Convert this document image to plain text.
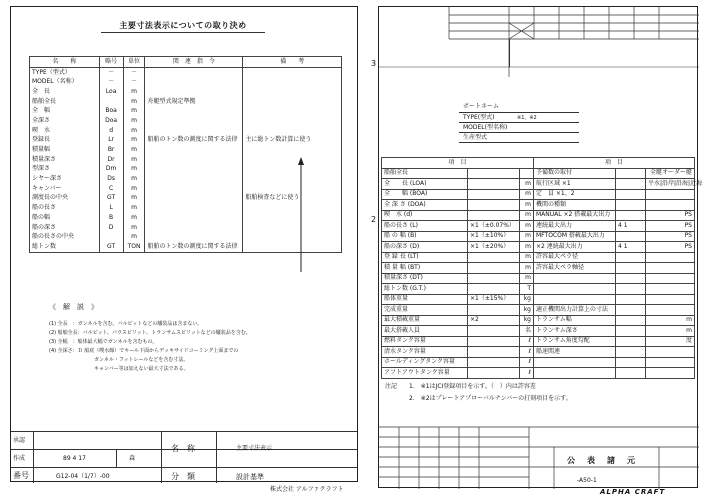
主要寸法表示についての取り決め
名　　称	略号	単位	関　連　指　令	備　　考
TYPE（型式）	－	－		
MODEL（名称）	－	－		
全　長	Loa	m		
船舶全長		m	舟艇型式規定準拠	
全　幅	Boa	m		
全深さ	Doa	m		
喫　水	d	m		
登録長	Lr	m	船舶のトン数の測度に関する法律	主に総トン数計算に使う
積量幅	Br	m		
積量深さ	Dr	m		
型深さ	Dm	m		
シヤー深さ	Ds	m		
キャンバー	C	m		
測度長の中央	GT	m		船舶検査などに使う
船の長さ	L	m		
船の幅	B	m		
船の深さ	D	m		
船の長さの中央		m		
総トン数	GT	TON	船舶のトン数の測度に関する法律	
《　解　説　》
(1) 全長　：ガンネルを含む。バルピットなどの艤装品は含まない。
(2) 船舶全長：バルピット、バウスピリット、トランサムスピリットなどの艤装品を含む。
(3) 全幅　：船体最大幅でガンネルを含むもの。
(4) 全深さ：Ｄ 船底（喫水線）でキール下面からデッキサイドコーミング上面までの
ガンネル・フットレールなどを含む寸法。
キャンバー等は加えない最大寸法である。
承認
作成	89 4 17	森
番号	G12-04（1/7）-00
名　称	主要寸法表示
分　類	設計基準
株式会社 アルファクラフト
3
2
ボートネーム
TYPE(型式)	※1、※2
MODEL(型名称)
生産型式
項　目			項　目		
船舶全長			予備数の取付		全艇オーダー艇
全　　長 (LOA)		m	航行区域 ×1		平水|沿岸|沿海|近海
全　　幅 (BOA)		m	定　員 ×1、2		
全 深 さ (DOA)		m	機関の種類		
喫　水 (d)		m	MANUAL ×2 搭載最大出力		PS
船の長さ (L)	×1（±0.07%）	m	連続最大出力	4 1	PS
船 の 幅 (B)	×1（±10%）	m	MFTOCOM 搭載最大出力		PS
船の深さ (D)	×1（±20%）	m	×2 連続最大出力	4 1	PS
登 録 長 (LT)		m	許容最大ペラ径		
積 量 幅 (BT)		m	許容最大ペラ軸径		
積量深さ (DT)		m			
総トン数 (G.T.)		T			
船体重量	×1（±15%）	kg			
完成重量		kg	適正機関出力計算上の寸法		
最大積載重量	×2	kg	トランサム幅		m
最大搭載人員		名	トランサム深さ		m
燃料タンク容量		ℓ	トランサム角度勾配		度
清水タンク容量		ℓ	船速関連		
ホールディングタンク容量		ℓ			
アフトアウトタンク容量		ℓ			
注記 1.　※1はJCI登録項目を示す。（　）内は許容差
2.　※2はプレートアプローバルナンバーの打刻項目を示す。
公　表　諸　元
-A50-1
ALPHA CRAFT
